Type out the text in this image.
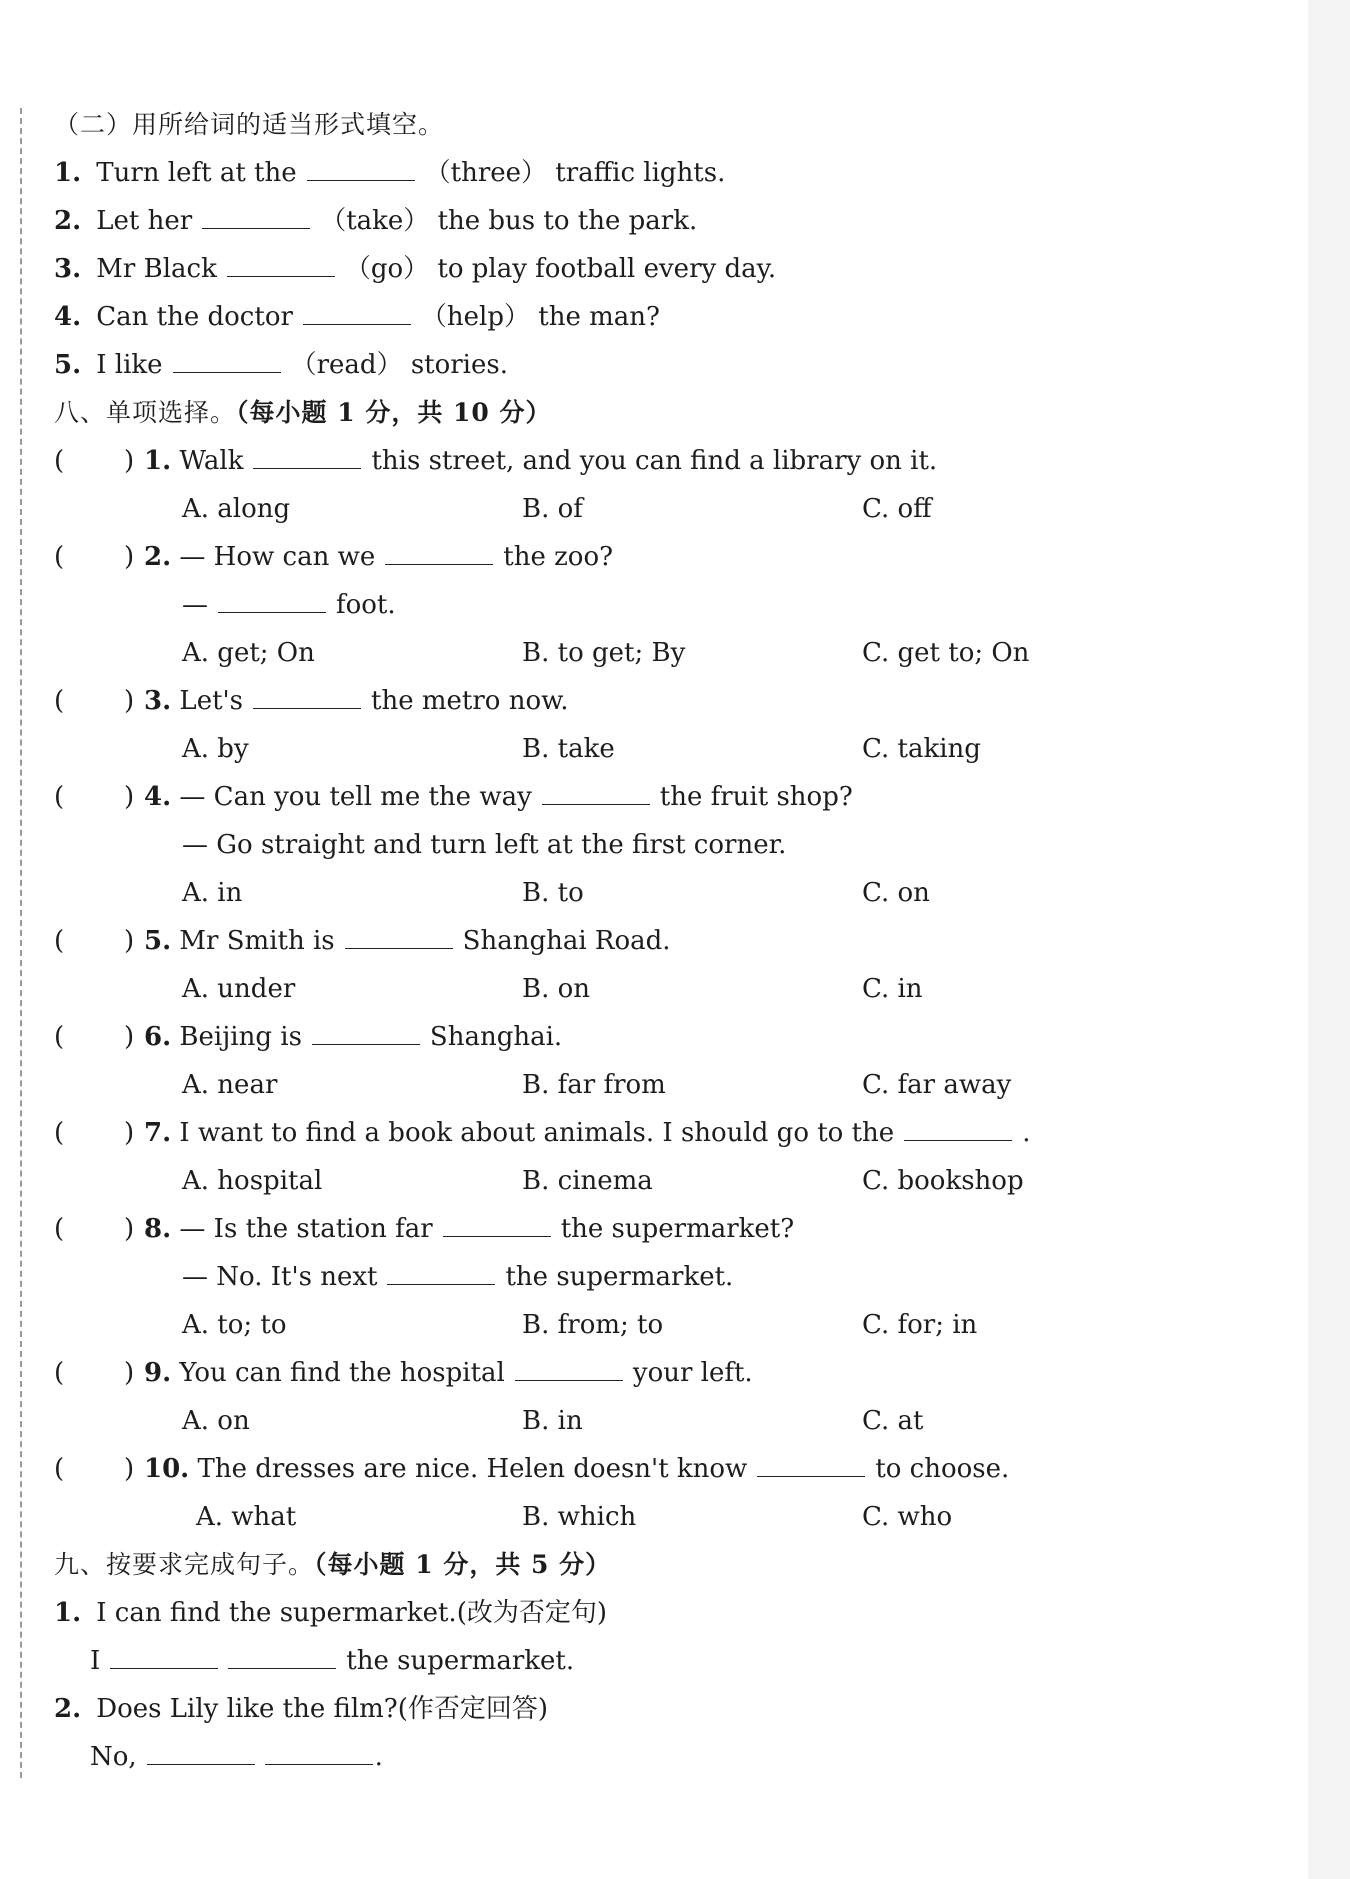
（二）用所给词的适当形式填空。
1. Turn left at the	（three） traffic lights.
2. Let her	（take） the bus to the park.
3. Mr Black	（go） to play football every day.
4. Can the doctor	（help） the man?
5. I like	（read） stories.
八、单项选择。（每小题 1 分，共 10 分）
( ) 1. Walk	this street, and you can find a library on it.
A. along	B. of	C. off
( ) 2. — How can we	the zoo?
—	foot.
A. get; On	B. to get; By	C. get to; On
( ) 3. Let's	the metro now.
A. by	B. take	C. taking
( ) 4. — Can you tell me the way	the fruit shop?
— Go straight and turn left at the first corner.
A. in	B. to	C. on
( ) 5. Mr Smith is	Shanghai Road.
A. under	B. on	C. in
( ) 6. Beijing is	Shanghai.
A. near	B. far from	C. far away
( ) 7. I want to find a book about animals. I should go to the	.
A. hospital	B. cinema	C. bookshop
( ) 8. — Is the station far	the supermarket?
— No. It's next	the supermarket.
A. to; to	B. from; to	C. for; in
( ) 9. You can find the hospital	your left.
A. on	B. in	C. at
( ) 10. The dresses are nice. Helen doesn't know	to choose.
A. what	B. which	C. who
九、按要求完成句子。（每小题 1 分，共 5 分）
1. I can find the supermarket.(改为否定句)
I	the supermarket.
2. Does Lily like the film?(作否定回答)
No,	.
